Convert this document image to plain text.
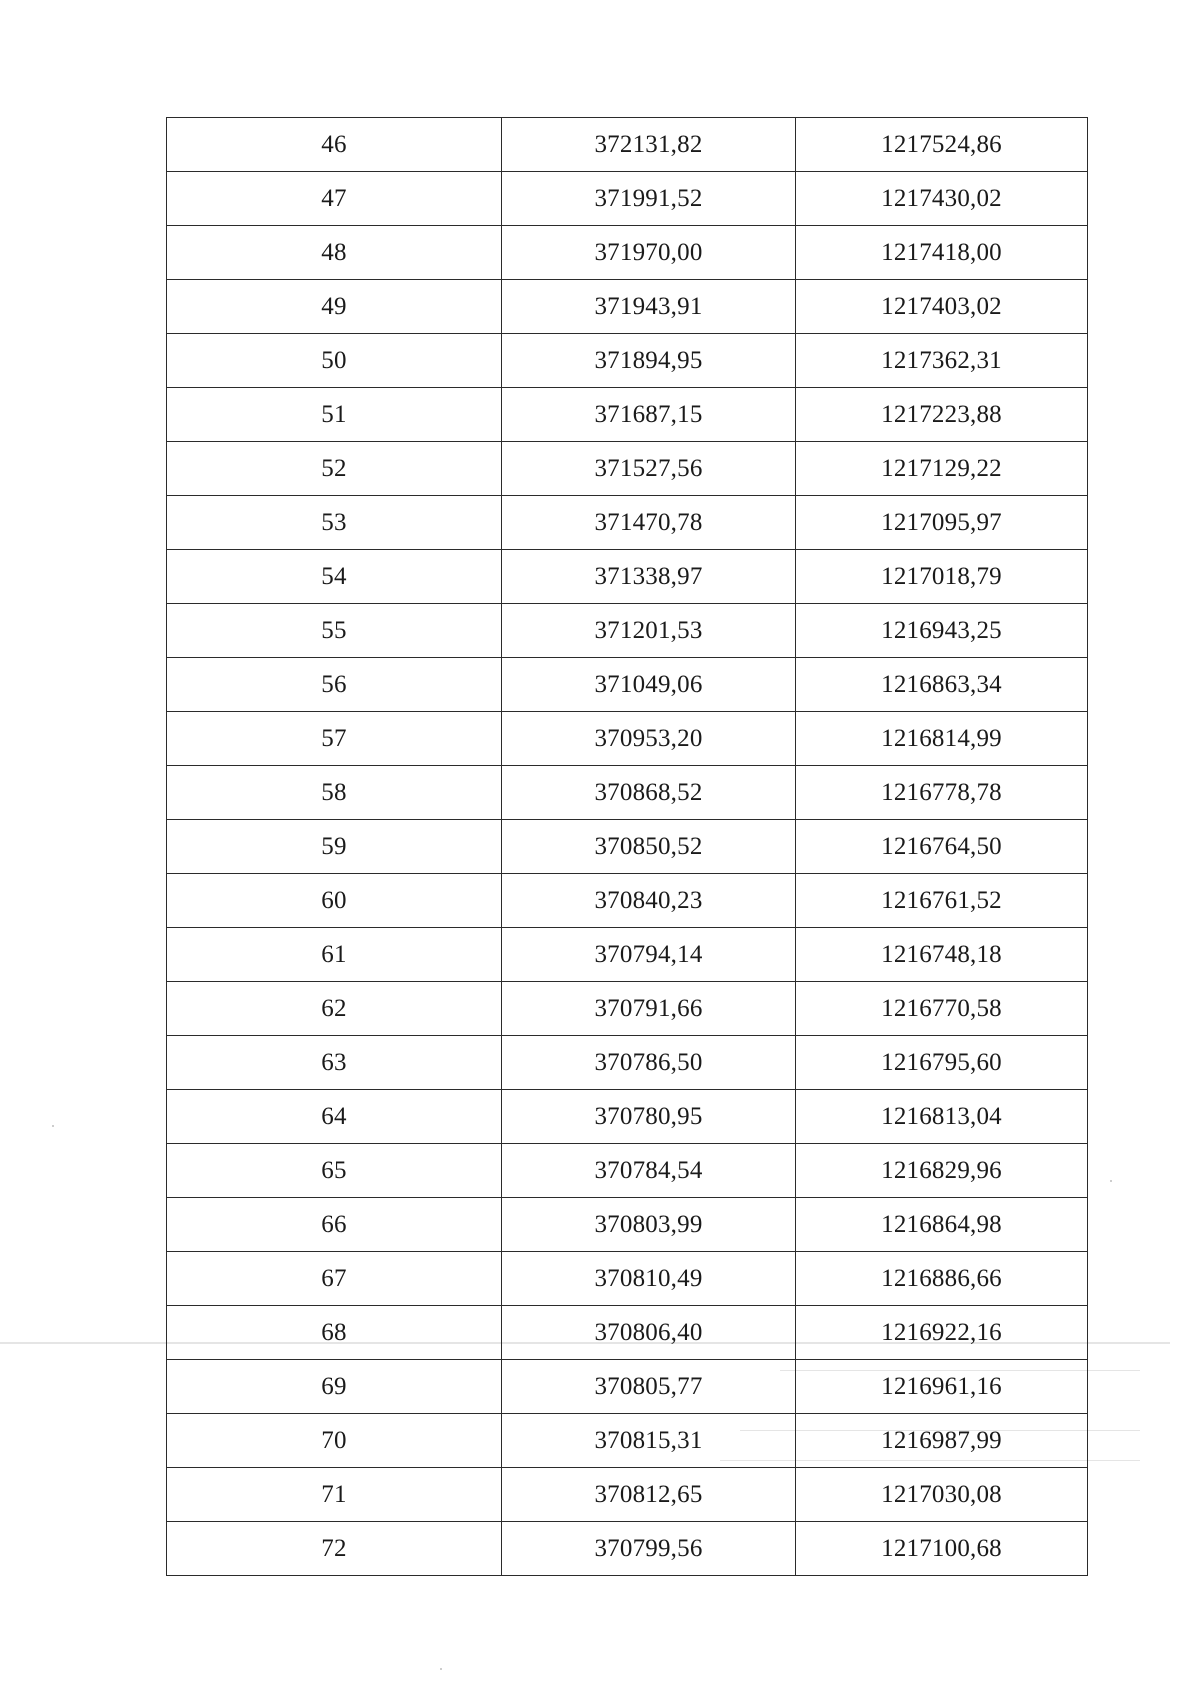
46	372131,82	1217524,86
47	371991,52	1217430,02
48	371970,00	1217418,00
49	371943,91	1217403,02
50	371894,95	1217362,31
51	371687,15	1217223,88
52	371527,56	1217129,22
53	371470,78	1217095,97
54	371338,97	1217018,79
55	371201,53	1216943,25
56	371049,06	1216863,34
57	370953,20	1216814,99
58	370868,52	1216778,78
59	370850,52	1216764,50
60	370840,23	1216761,52
61	370794,14	1216748,18
62	370791,66	1216770,58
63	370786,50	1216795,60
64	370780,95	1216813,04
65	370784,54	1216829,96
66	370803,99	1216864,98
67	370810,49	1216886,66
68	370806,40	1216922,16
69	370805,77	1216961,16
70	370815,31	1216987,99
71	370812,65	1217030,08
72	370799,56	1217100,68
